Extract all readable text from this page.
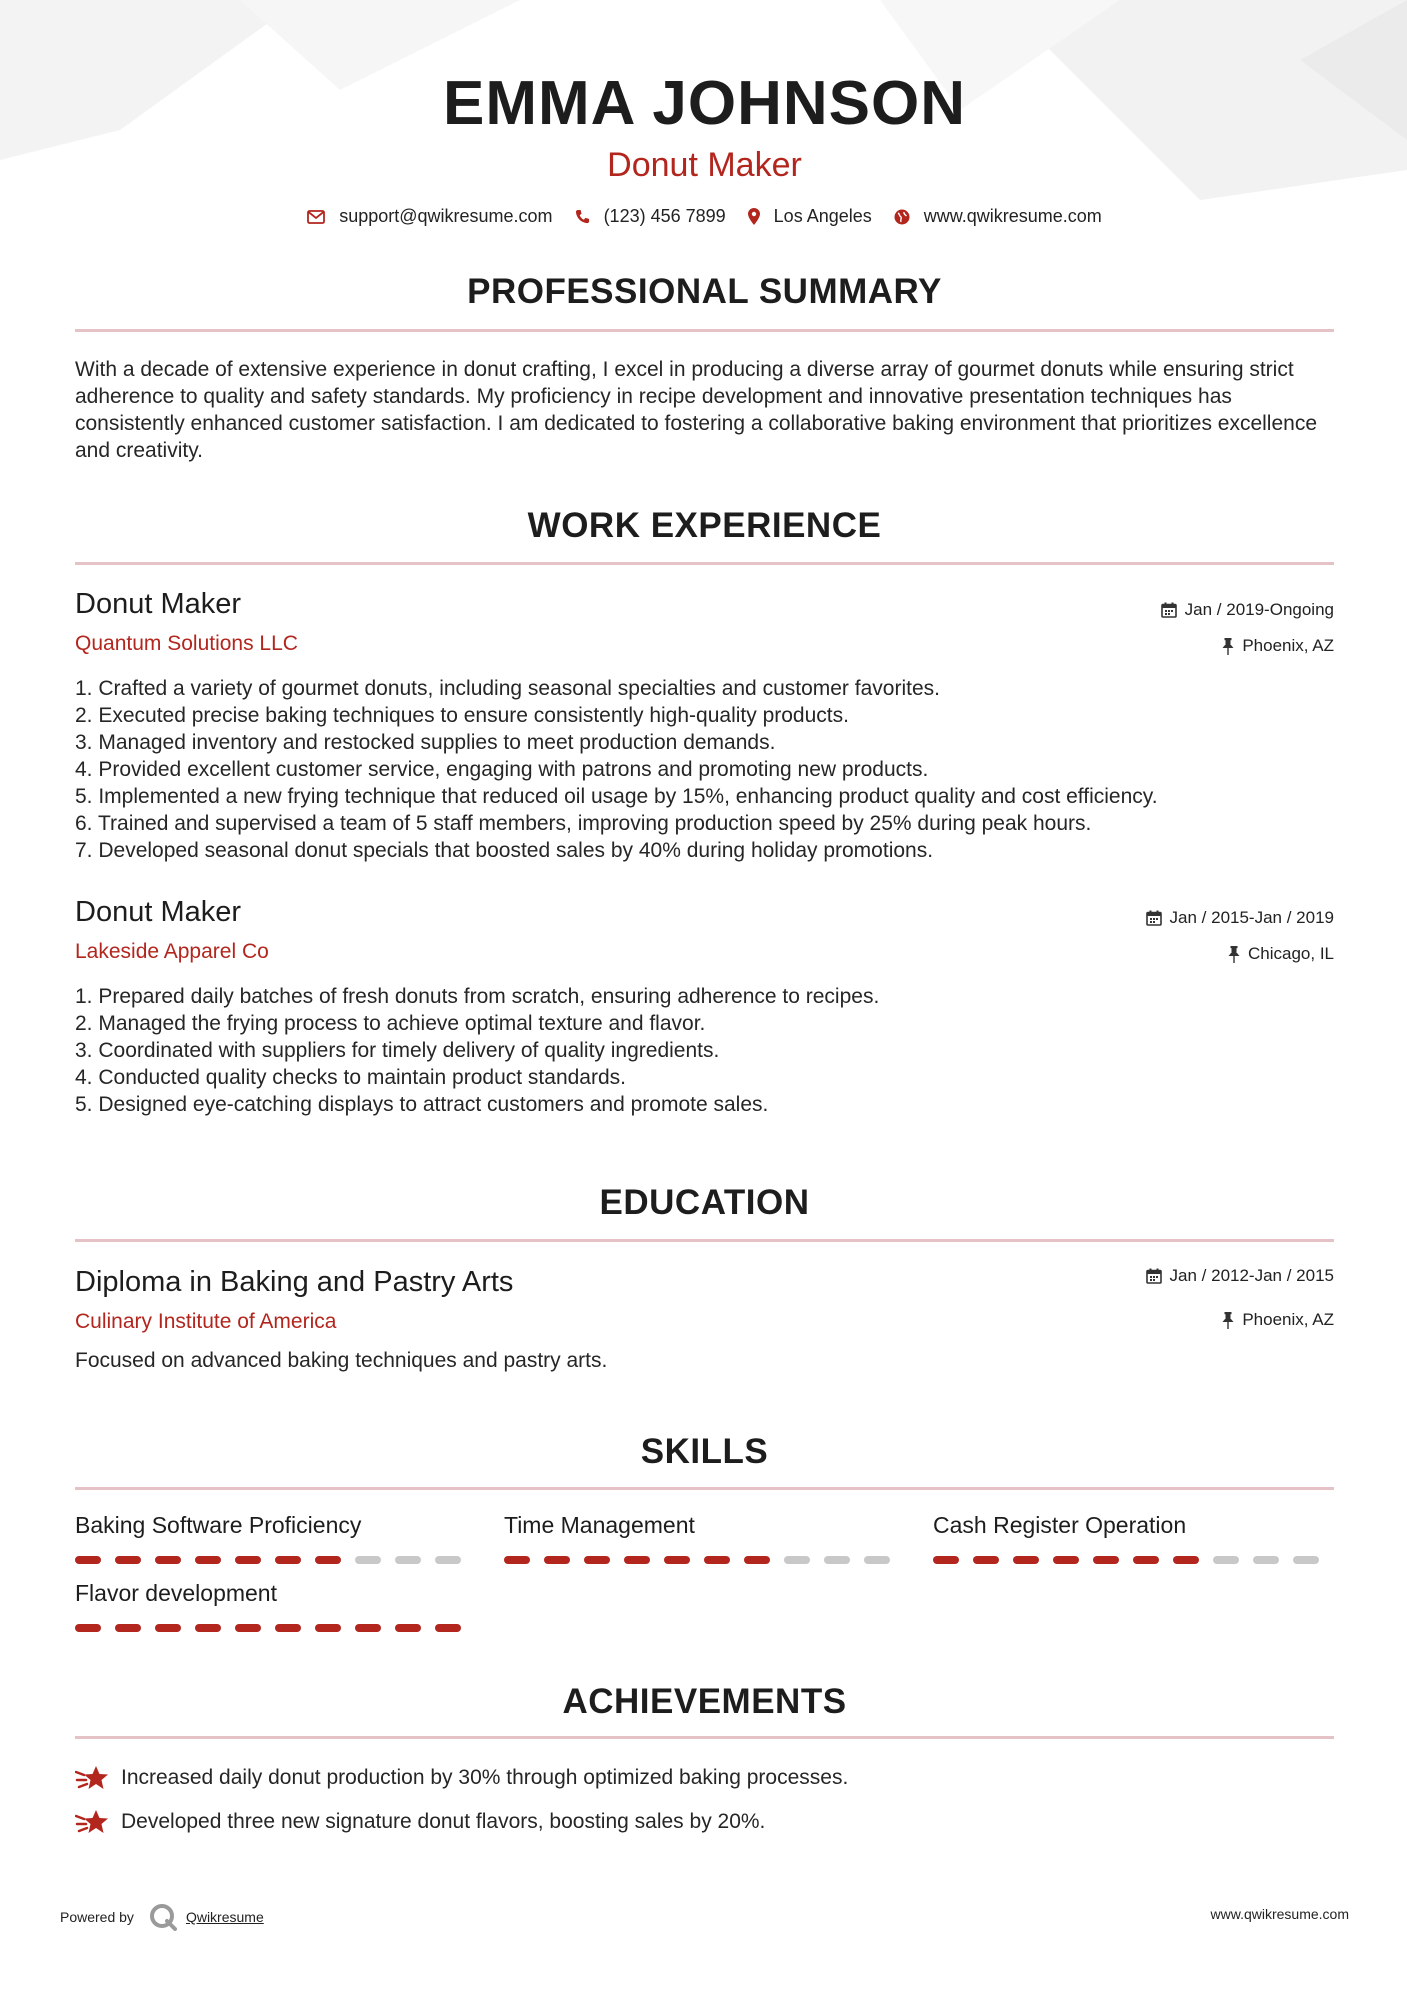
EMMA JOHNSON
Donut Maker
support@qwikresume.com	(123) 456 7899	Los Angeles	www.qwikresume.com
PROFESSIONAL SUMMARY
With a decade of extensive experience in donut crafting, I excel in producing a diverse array of gourmet donuts while ensuring strict adherence to quality and safety standards. My proficiency in recipe development and innovative presentation techniques has consistently enhanced customer satisfaction. I am dedicated to fostering a collaborative baking environment that prioritizes excellence and creativity.
WORK EXPERIENCE
Donut Maker
Quantum Solutions LLC
Jan / 2019-Ongoing
Phoenix, AZ
1. Crafted a variety of gourmet donuts, including seasonal specialties and customer favorites.
2. Executed precise baking techniques to ensure consistently high-quality products.
3. Managed inventory and restocked supplies to meet production demands.
4. Provided excellent customer service, engaging with patrons and promoting new products.
5. Implemented a new frying technique that reduced oil usage by 15%, enhancing product quality and cost efficiency.
6. Trained and supervised a team of 5 staff members, improving production speed by 25% during peak hours.
7. Developed seasonal donut specials that boosted sales by 40% during holiday promotions.
Donut Maker
Lakeside Apparel Co
Jan / 2015-Jan / 2019
Chicago, IL
1. Prepared daily batches of fresh donuts from scratch, ensuring adherence to recipes.
2. Managed the frying process to achieve optimal texture and flavor.
3. Coordinated with suppliers for timely delivery of quality ingredients.
4. Conducted quality checks to maintain product standards.
5. Designed eye-catching displays to attract customers and promote sales.
EDUCATION
Diploma in Baking and Pastry Arts
Culinary Institute of America
Jan / 2012-Jan / 2015
Phoenix, AZ
Focused on advanced baking techniques and pastry arts.
SKILLS
Baking Software Proficiency	Time Management	Cash Register Operation
Flavor development
ACHIEVEMENTS
Increased daily donut production by 30% through optimized baking processes.
Developed three new signature donut flavors, boosting sales by 20%.
Powered by	Qwikresume	www.qwikresume.com
